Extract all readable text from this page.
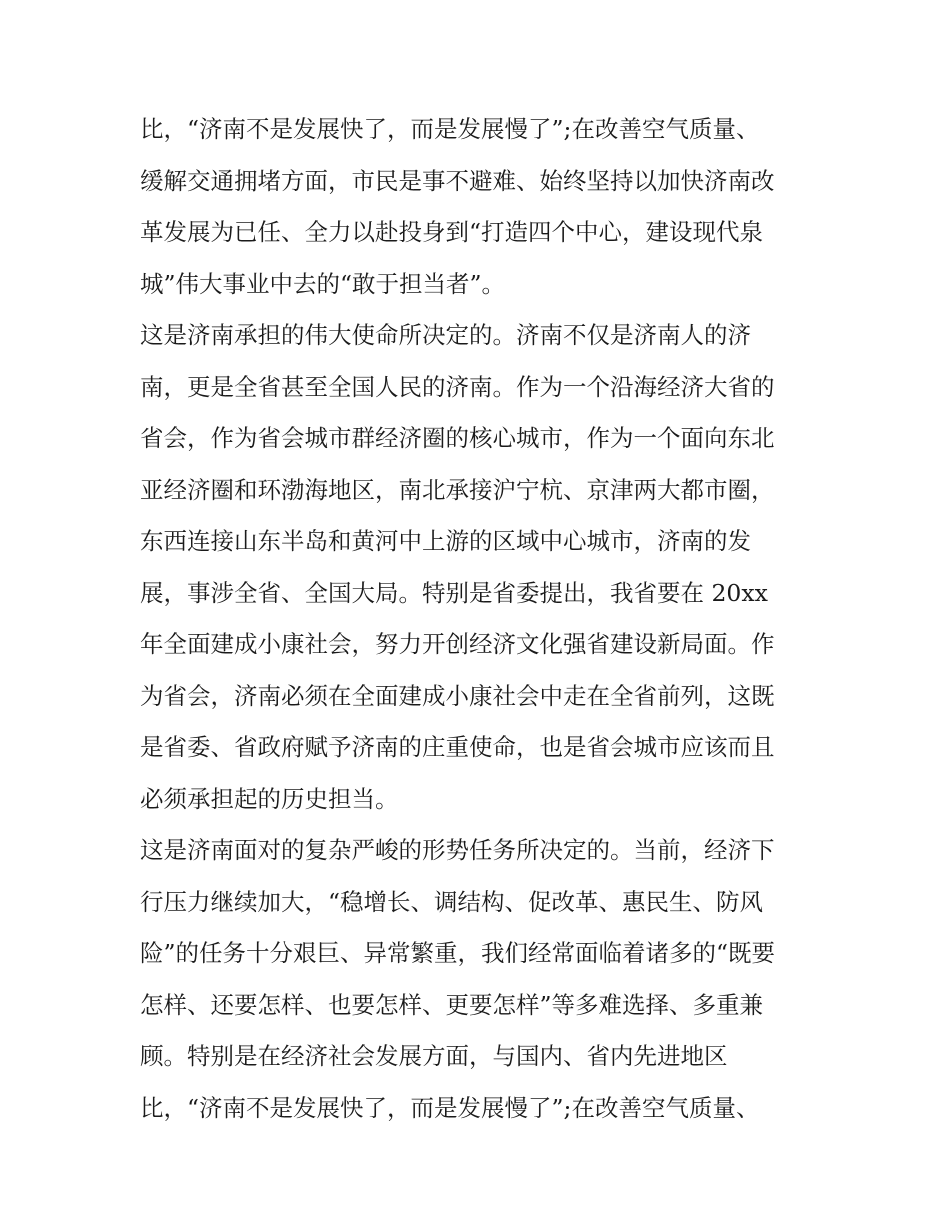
比，“济南不是发展快了，而是发展慢了”;在改善空气质量、
缓解交通拥堵方面，市民是事不避难、始终坚持以加快济南改
革发展为已任、全力以赴投身到“打造四个中心，建设现代泉
城”伟大事业中去的“敢于担当者”。
这是济南承担的伟大使命所决定的。济南不仅是济南人的济
南，更是全省甚至全国人民的济南。作为一个沿海经济大省的
省会，作为省会城市群经济圈的核心城市，作为一个面向东北
亚经济圈和环渤海地区，南北承接沪宁杭、京津两大都市圈，
东西连接山东半岛和黄河中上游的区域中心城市，济南的发
展，事涉全省、全国大局。特别是省委提出，我省要在 20xx
年全面建成小康社会，努力开创经济文化强省建设新局面。作
为省会，济南必须在全面建成小康社会中走在全省前列，这既
是省委、省政府赋予济南的庄重使命，也是省会城市应该而且
必须承担起的历史担当。
这是济南面对的复杂严峻的形势任务所决定的。当前，经济下
行压力继续加大，“稳增长、调结构、促改革、惠民生、防风
险”的任务十分艰巨、异常繁重，我们经常面临着诸多的“既要
怎样、还要怎样、也要怎样、更要怎样”等多难选择、多重兼
顾。特别是在经济社会发展方面，与国内、省内先进地区
比，“济南不是发展快了，而是发展慢了”;在改善空气质量、
